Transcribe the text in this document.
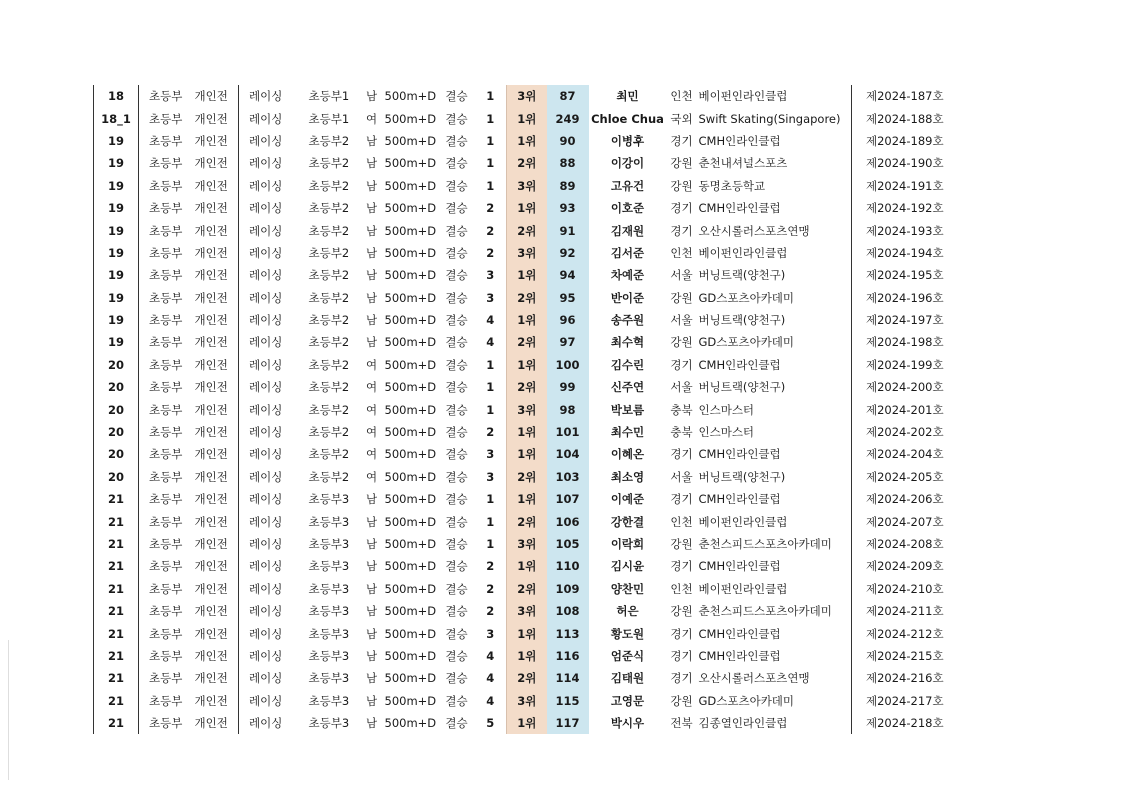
18	초등부	개인전	레이싱	초등부1	남	500m+D	결승	1	3위	87	최민	인천	베이펀인라인클럽	제2024-187호
18_1	초등부	개인전	레이싱	초등부1	여	500m+D	결승	1	1위	249	Chloe Chua	국외	Swift Skating(Singapore)	제2024-188호
19	초등부	개인전	레이싱	초등부2	남	500m+D	결승	1	1위	90	이병후	경기	CMH인라인클럽	제2024-189호
19	초등부	개인전	레이싱	초등부2	남	500m+D	결승	1	2위	88	이강이	강원	춘천내셔널스포츠	제2024-190호
19	초등부	개인전	레이싱	초등부2	남	500m+D	결승	1	3위	89	고유건	강원	동명초등학교	제2024-191호
19	초등부	개인전	레이싱	초등부2	남	500m+D	결승	2	1위	93	이호준	경기	CMH인라인클럽	제2024-192호
19	초등부	개인전	레이싱	초등부2	남	500m+D	결승	2	2위	91	김재원	경기	오산시롤러스포츠연맹	제2024-193호
19	초등부	개인전	레이싱	초등부2	남	500m+D	결승	2	3위	92	김서준	인천	베이펀인라인클럽	제2024-194호
19	초등부	개인전	레이싱	초등부2	남	500m+D	결승	3	1위	94	차예준	서울	버닝트랙(양천구)	제2024-195호
19	초등부	개인전	레이싱	초등부2	남	500m+D	결승	3	2위	95	반이준	강원	GD스포츠아카데미	제2024-196호
19	초등부	개인전	레이싱	초등부2	남	500m+D	결승	4	1위	96	송주원	서울	버닝트랙(양천구)	제2024-197호
19	초등부	개인전	레이싱	초등부2	남	500m+D	결승	4	2위	97	최수혁	강원	GD스포츠아카데미	제2024-198호
20	초등부	개인전	레이싱	초등부2	여	500m+D	결승	1	1위	100	김수린	경기	CMH인라인클럽	제2024-199호
20	초등부	개인전	레이싱	초등부2	여	500m+D	결승	1	2위	99	신주연	서울	버닝트랙(양천구)	제2024-200호
20	초등부	개인전	레이싱	초등부2	여	500m+D	결승	1	3위	98	박보름	충북	인스마스터	제2024-201호
20	초등부	개인전	레이싱	초등부2	여	500m+D	결승	2	1위	101	최수민	충북	인스마스터	제2024-202호
20	초등부	개인전	레이싱	초등부2	여	500m+D	결승	3	1위	104	이혜온	경기	CMH인라인클럽	제2024-204호
20	초등부	개인전	레이싱	초등부2	여	500m+D	결승	3	2위	103	최소영	서울	버닝트랙(양천구)	제2024-205호
21	초등부	개인전	레이싱	초등부3	남	500m+D	결승	1	1위	107	이예준	경기	CMH인라인클럽	제2024-206호
21	초등부	개인전	레이싱	초등부3	남	500m+D	결승	1	2위	106	강한결	인천	베이펀인라인클럽	제2024-207호
21	초등부	개인전	레이싱	초등부3	남	500m+D	결승	1	3위	105	이락희	강원	춘천스피드스포츠아카데미	제2024-208호
21	초등부	개인전	레이싱	초등부3	남	500m+D	결승	2	1위	110	김시윤	경기	CMH인라인클럽	제2024-209호
21	초등부	개인전	레이싱	초등부3	남	500m+D	결승	2	2위	109	양찬민	인천	베이펀인라인클럽	제2024-210호
21	초등부	개인전	레이싱	초등부3	남	500m+D	결승	2	3위	108	허은	강원	춘천스피드스포츠아카데미	제2024-211호
21	초등부	개인전	레이싱	초등부3	남	500m+D	결승	3	1위	113	황도원	경기	CMH인라인클럽	제2024-212호
21	초등부	개인전	레이싱	초등부3	남	500m+D	결승	4	1위	116	엄준식	경기	CMH인라인클럽	제2024-215호
21	초등부	개인전	레이싱	초등부3	남	500m+D	결승	4	2위	114	김태원	경기	오산시롤러스포츠연맹	제2024-216호
21	초등부	개인전	레이싱	초등부3	남	500m+D	결승	4	3위	115	고영문	강원	GD스포츠아카데미	제2024-217호
21	초등부	개인전	레이싱	초등부3	남	500m+D	결승	5	1위	117	박시우	전북	김종열인라인클럽	제2024-218호
